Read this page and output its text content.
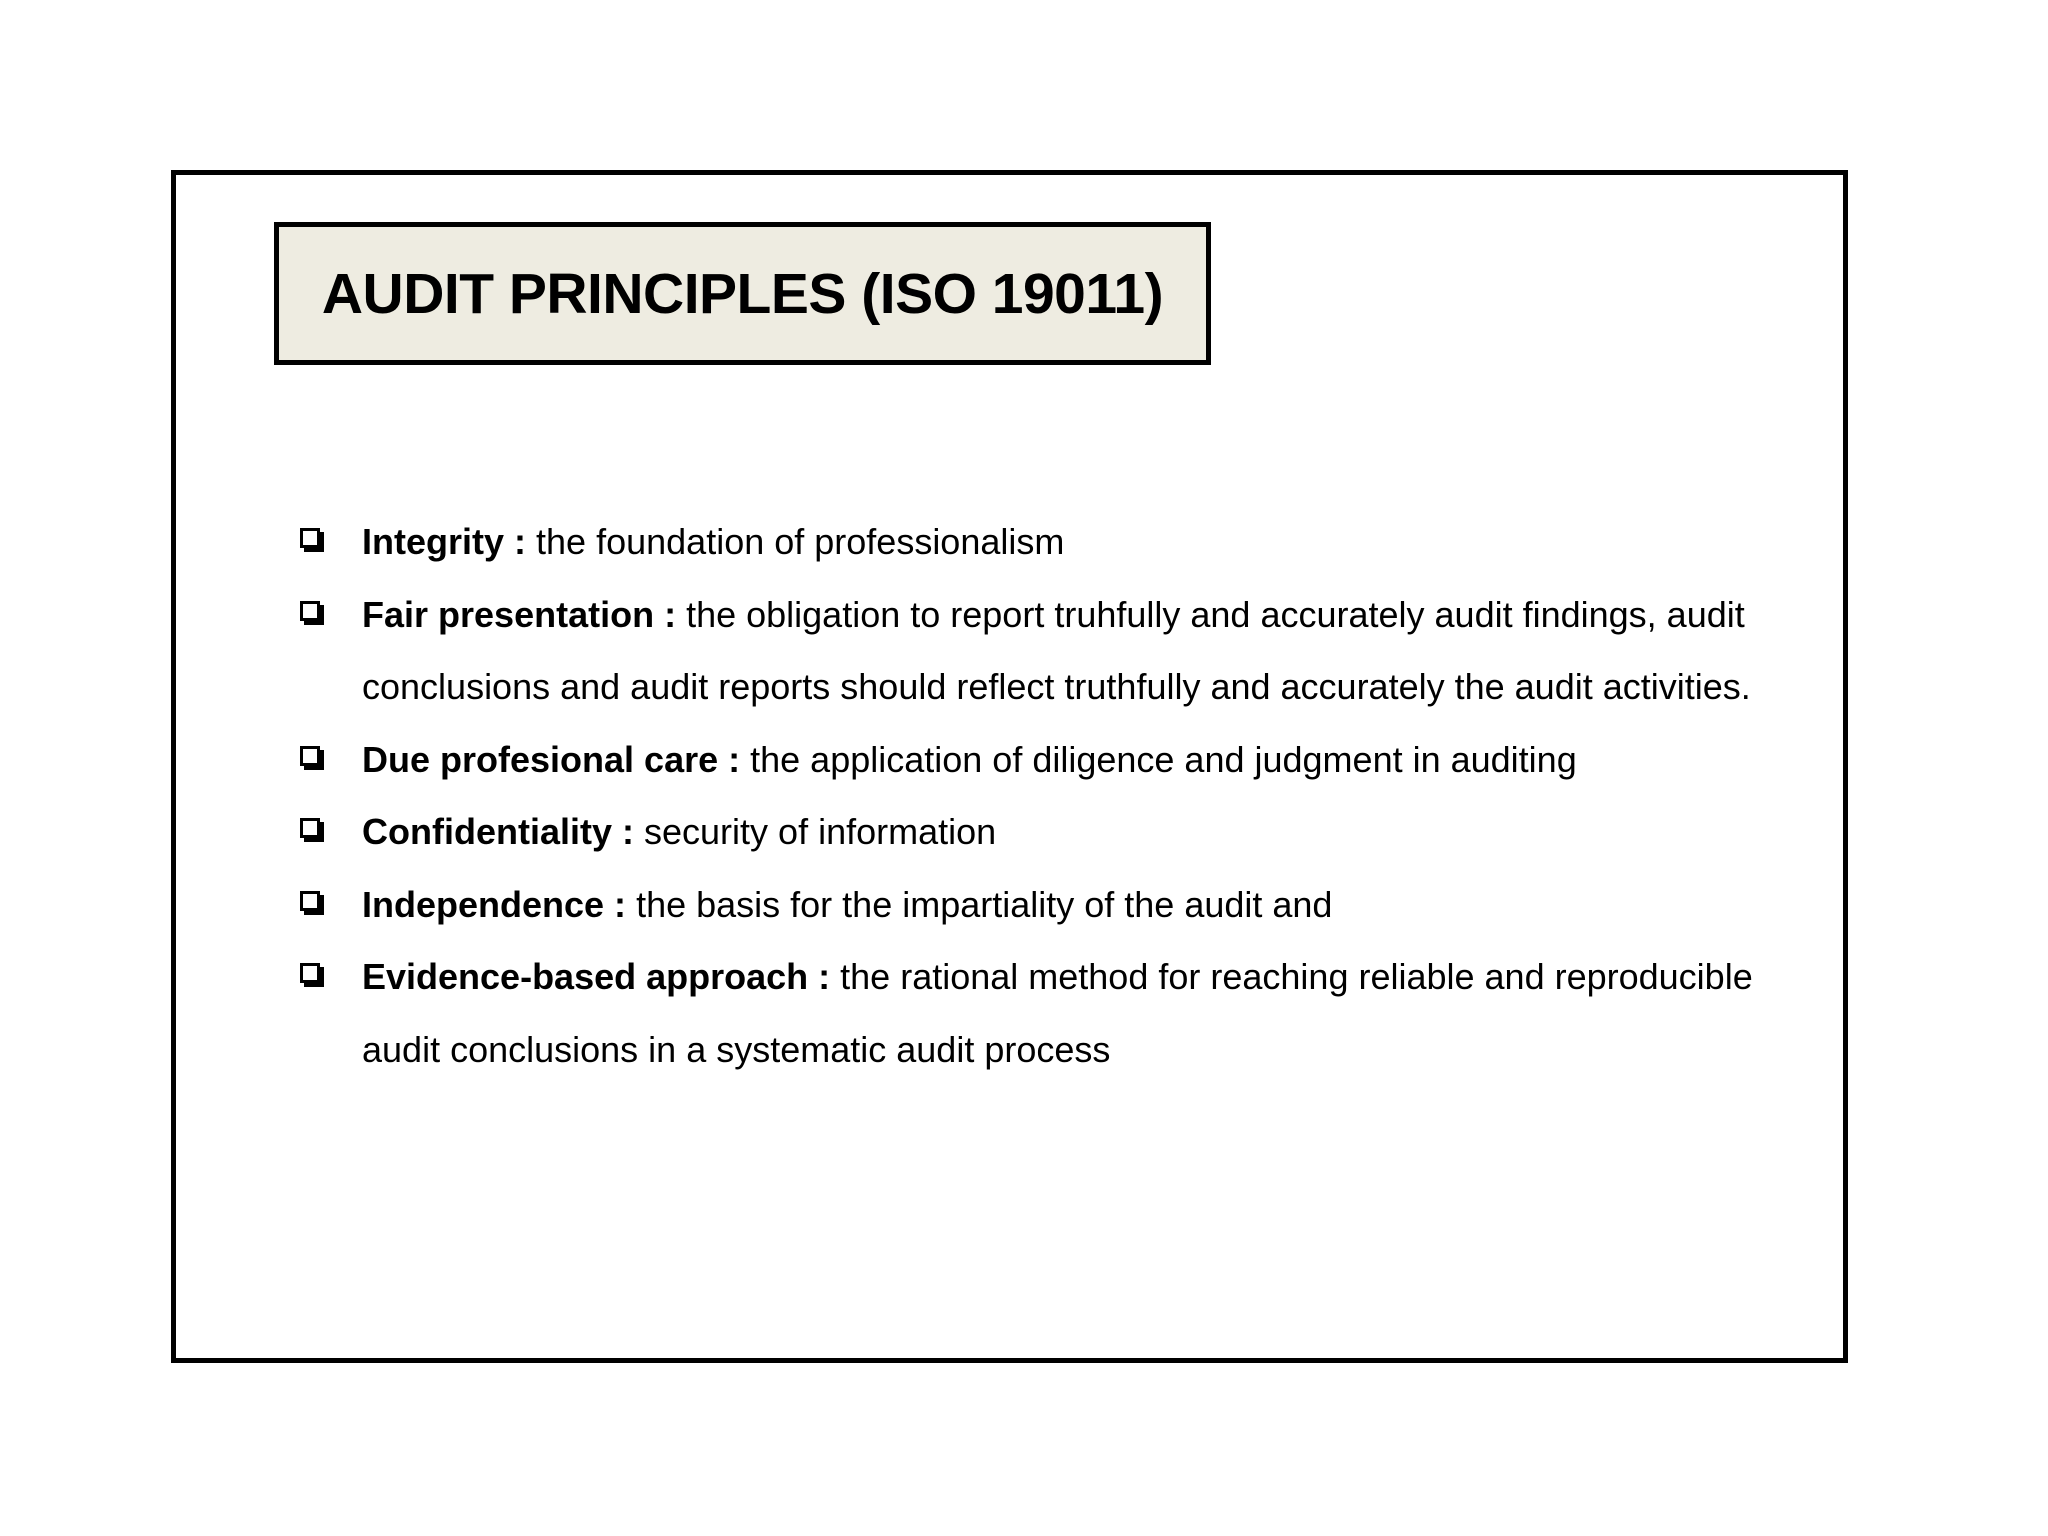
AUDIT PRINCIPLES (ISO 19011)
Integrity : the foundation of professionalism
Fair presentation : the obligation to report truhfully and accurately audit findings, audit conclusions and audit reports should reflect truthfully and accurately the audit activities.
Due profesional care : the application of diligence and judgment in auditing
Confidentiality : security of information
Independence : the basis for the impartiality of the audit and
Evidence-based approach : the rational method for reaching reliable and reproducible audit conclusions in a systematic audit process
